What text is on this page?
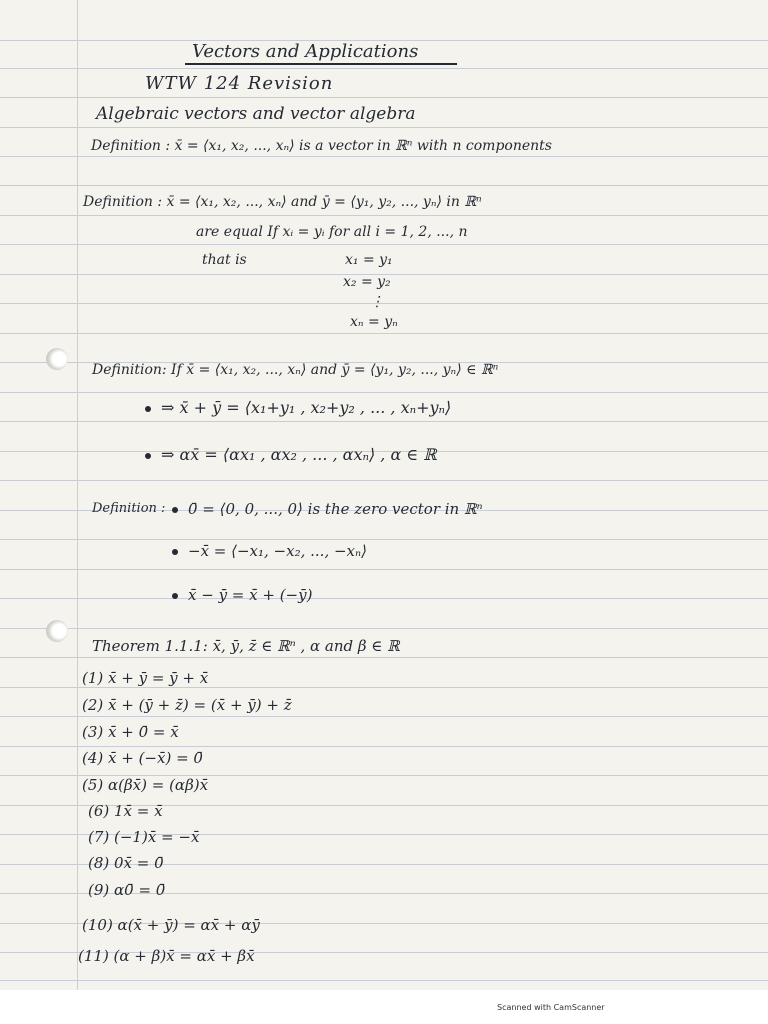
Vectors and Applications
WTW 124 Revision
Algebraic vectors and vector algebra
Definition : x̄ = ⟨x₁, x₂, ..., xₙ⟩ is a vector in ℝⁿ with n components
Definition : x̄ = ⟨x₁, x₂, ..., xₙ⟩ and ȳ = ⟨y₁, y₂, ..., yₙ⟩ in ℝⁿ
are equal If xᵢ = yᵢ for all i = 1, 2, ..., n
that is	x₁ = y₁
x₂ = y₂
⋮
xₙ = yₙ
Definition: If x̄ = ⟨x₁, x₂, ..., xₙ⟩ and ȳ = ⟨y₁, y₂, ..., yₙ⟩ ∈ ℝⁿ
⇒ x̄ + ȳ = ⟨x₁+y₁ , x₂+y₂ , ... , xₙ+yₙ⟩
⇒ αx̄ = ⟨αx₁ , αx₂ , ... , αxₙ⟩ , α ∈ ℝ
Definition :	0̄ = ⟨0, 0, ..., 0⟩ is the zero vector in ℝⁿ
−x̄ = ⟨−x₁, −x₂, ..., −xₙ⟩
x̄ − ȳ = x̄ + (−ȳ)
Theorem 1.1.1: x̄, ȳ, z̄ ∈ ℝⁿ , α and β ∈ ℝ
(1) x̄ + ȳ = ȳ + x̄
(2) x̄ + (ȳ + z̄) = (x̄ + ȳ) + z̄
(3) x̄ + 0̄ = x̄
(4) x̄ + (−x̄) = 0̄
(5) α(βx̄) = (αβ)x̄
(6) 1x̄ = x̄
(7) (−1)x̄ = −x̄
(8) 0x̄ = 0̄
(9) α0̄ = 0̄
(10) α(x̄ + ȳ) = αx̄ + αȳ
(11) (α + β)x̄ = αx̄ + βx̄
Scanned with CamScanner
